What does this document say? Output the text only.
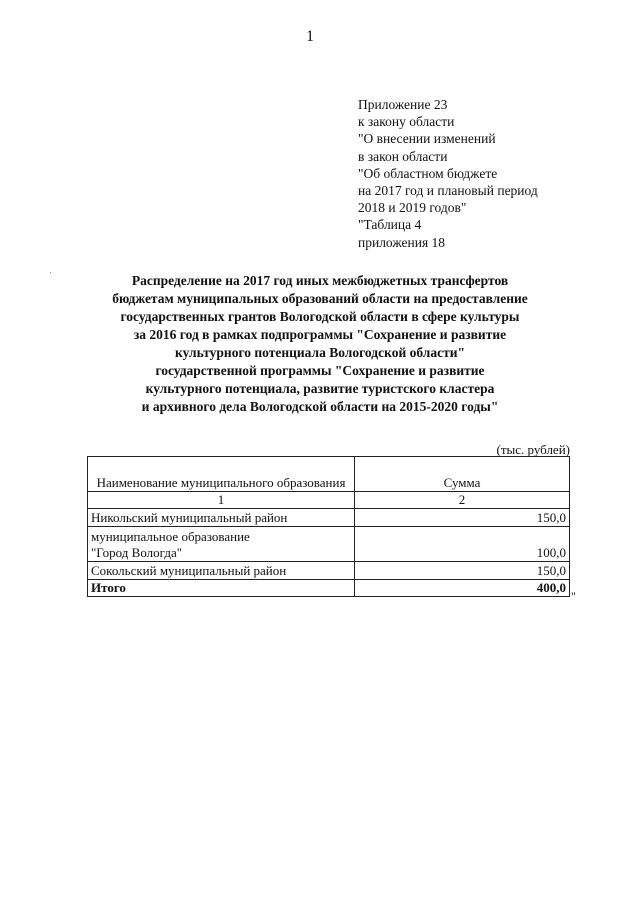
1
Приложение 23
к закону области
"О внесении изменений
в закон области
"Об областном бюджете
на 2017 год и плановый период
2018 и 2019 годов"
"Таблица 4
приложения 18
Распределение на 2017 год иных межбюджетных трансфертов
бюджетам муниципальных образований области на предоставление
государственных грантов Вологодской области в сфере культуры
за 2016 год в рамках подпрограммы "Сохранение и развитие
культурного потенциала Вологодской области"
государственной программы "Сохранение и развитие
культурного потенциала, развитие туристского кластера
и архивного дела Вологодской области на 2015-2020 годы"
(тыс. рублей)
Наименование муниципального образования	Сумма
1	2
Никольский муниципальный район	150,0

муниципальное образование
"Город Вологда"	100,0
Сокольский муниципальный район	150,0
Итого	400,0
"
